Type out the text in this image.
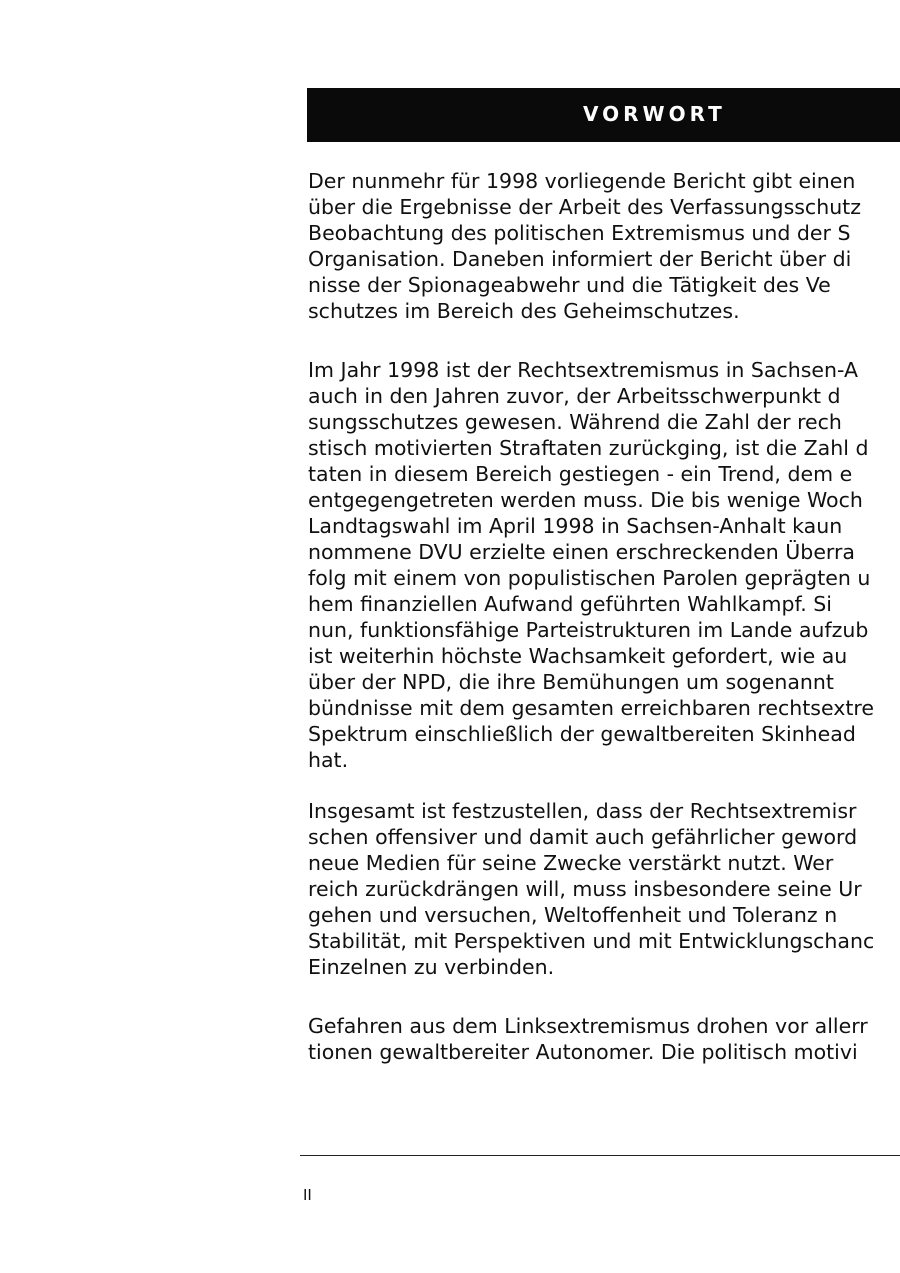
VORWORT
Der nunmehr für 1998 vorliegende Bericht gibt einen
über die Ergebnisse der Arbeit des Verfassungsschutz
Beobachtung des politischen Extremismus und der S
Organisation. Daneben informiert der Bericht über di
nisse der Spionageabwehr und die Tätigkeit des Ve
schutzes im Bereich des Geheimschutzes.
Im Jahr 1998 ist der Rechtsextremismus in Sachsen-A
auch in den Jahren zuvor, der Arbeitsschwerpunkt d
sungsschutzes gewesen. Während die Zahl der rech
stisch motivierten Straftaten zurückging, ist die Zahl d
taten in diesem Bereich gestiegen - ein Trend, dem e
entgegengetreten werden muss. Die bis wenige Woch
Landtagswahl im April 1998 in Sachsen-Anhalt kaun
nommene DVU erzielte einen erschreckenden Überra
folg mit einem von populistischen Parolen geprägten u
hem finanziellen Aufwand geführten Wahlkampf. Si
nun, funktionsfähige Parteistrukturen im Lande aufzub
ist weiterhin höchste Wachsamkeit gefordert, wie au
über der NPD, die ihre Bemühungen um sogenannt
bündnisse mit dem gesamten erreichbaren rechtsextre
Spektrum einschließlich der gewaltbereiten Skinhead
hat.
Insgesamt ist festzustellen, dass der Rechtsextremisr
schen offensiver und damit auch gefährlicher geword
neue Medien für seine Zwecke verstärkt nutzt. Wer
reich zurückdrängen will, muss insbesondere seine Ur
gehen und versuchen, Weltoffenheit und Toleranz n
Stabilität, mit Perspektiven und mit Entwicklungschanc
Einzelnen zu verbinden.
Gefahren aus dem Linksextremismus drohen vor allerr
tionen gewaltbereiter Autonomer. Die politisch motivi
II
